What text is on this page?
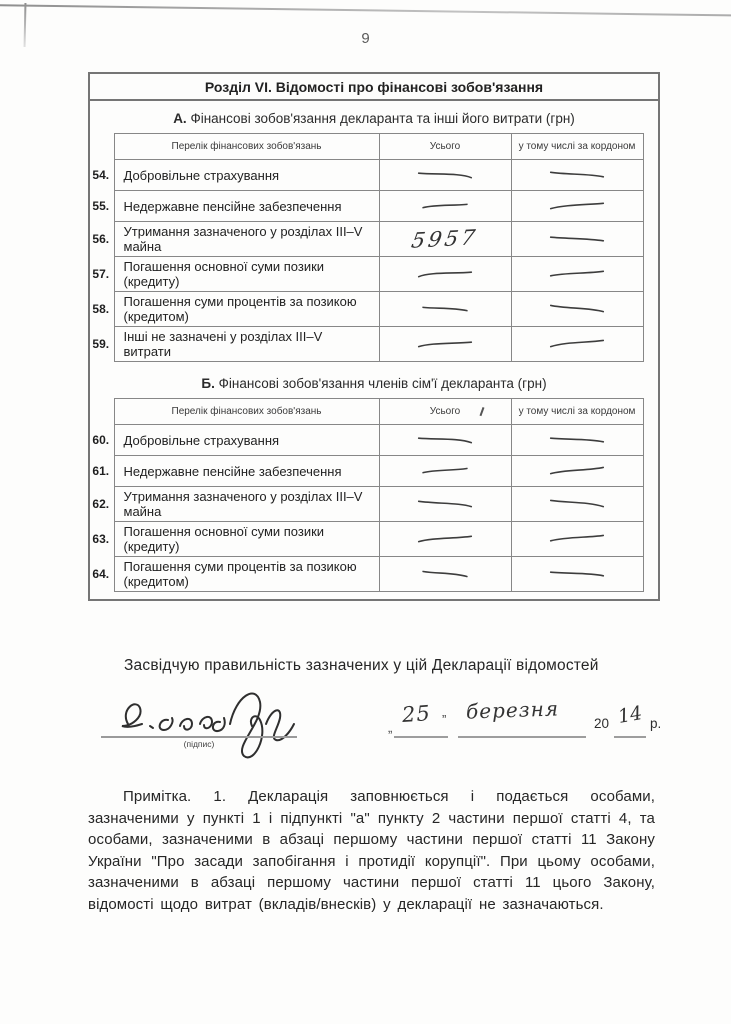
9
Розділ VI. Відомості про фінансові зобов'язання
А. Фінансові зобов'язання декларанта та інші його витрати (грн)
	Перелік фінансових зобов'язань	Усього	у тому числі за кордоном
54.	Добровільне страхування		
55.	Недержавне пенсійне забезпечення		
56.	Утримання зазначеного у розділах III–V майна	5957	
57.	Погашення основної суми позики (кредиту)		
58.	Погашення суми процентів за позикою (кредитом)		
59.	Інші не зазначені у розділах III–V витрати		
Б. Фінансові зобов'язання членів сім'ї декларанта (грн)
	Перелік фінансових зобов'язань	Усього	у тому числі за кордоном
60.	Добровільне страхування		
61.	Недержавне пенсійне забезпечення		
62.	Утримання зазначеного у розділах III–V майна		
63.	Погашення основної суми позики (кредиту)		
64.	Погашення суми процентів за позикою (кредитом)		
Засвідчую правильність зазначених у цій Декларації відомостей
(підпис)
„
25 ” березня	20 14 р.
Примітка. 1. Декларація заповнюється і подається особами, зазначеними у пункті 1 і підпункті "а" пункту 2 частини першої статті 4, та особами, зазначеними в абзаці першому частини першої статті 11 Закону України "Про засади запобігання і протидії корупції". При цьому особами, зазначеними в абзаці першому частини першої статті 11 цього Закону, відомості щодо витрат (вкладів/внесків) у декларації не зазначаються.
